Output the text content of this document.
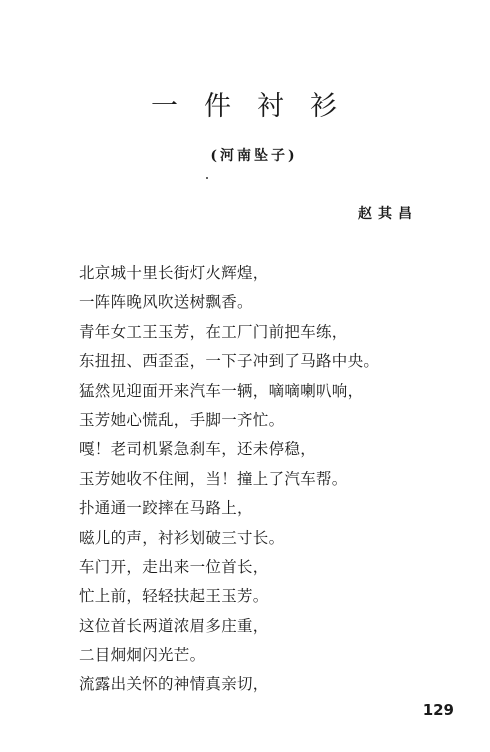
一件衬衫
(河南坠子)
赵其昌
北京城十里长街灯火辉煌，
一阵阵晚风吹送树飘香。
青年女工王玉芳，在工厂门前把车练，
东扭扭、西歪歪，一下子冲到了马路中央。
猛然见迎面开来汽车一辆，嘀嘀喇叭响，
玉芳她心慌乱，手脚一齐忙。
嘎！老司机紧急刹车，还未停稳，
玉芳她收不住闸，当！撞上了汽车帮。
扑通通一跤摔在马路上，
嗞儿的声，衬衫划破三寸长。
车门开，走出来一位首长，
忙上前，轻轻扶起王玉芳。
这位首长两道浓眉多庄重，
二目炯炯闪光芒。
流露出关怀的神情真亲切，
129
